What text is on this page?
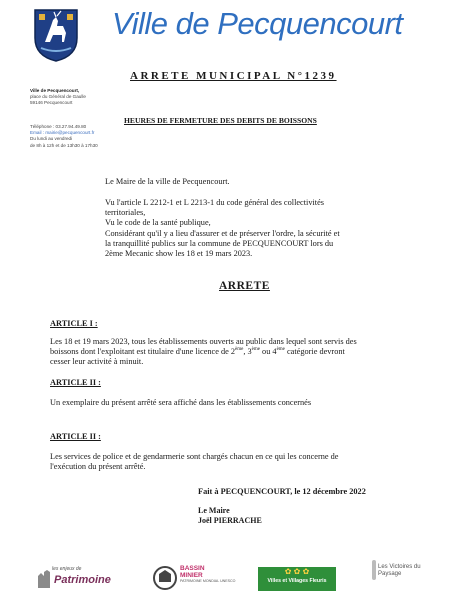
Ville de Pecquencourt
ARRETE MUNICIPAL N°1239
Ville de Pecquencourt,
place du Général de Gaulle
59146 Pecquencourt
Téléphone : 03.27.94.49.80
Email : mairie@pecquencourt.fr
Du lundi au vendredi
de 8h à 12h et de 13h30 à 17h30
HEURES DE FERMETURE DES DEBITS DE BOISSONS
Le Maire de la ville de Pecquencourt.
Vu l'article L 2212-1 et L 2213-1 du code général des collectivités
territoriales,
Vu le code de la santé publique,
Considérant qu'il y a lieu d'assurer et de préserver l'ordre, la sécurité et
la tranquillité publics sur la commune de PECQUENCOURT lors du
2ème Mecanic show les 18 et 19 mars 2023.
ARRETE
ARTICLE I :
Les 18 et 19 mars 2023, tous les établissements ouverts au public dans lequel sont servis des
boissons dont l'exploitant est titulaire d'une licence de 2ème, 3ème ou 4ème catégorie devront
cesser leur activité à minuit.
ARTICLE II :
Un exemplaire du présent arrêté sera affiché dans les établissements concernés
ARTICLE II :
Les services de police et de gendarmerie sont chargés chacun en ce qui les concerne de
l'exécution du présent arrêté.
Fait à PECQUENCOURT, le 12 décembre 2022
Le Maire
Joël PIERRACHE
les enjeux de
Patrimoine
BASSIN
MINIER
PATRIMOINE MONDIAL UNESCO
✿ ✿ ✿
Villes et Villages Fleuris
Les Victoires du Paysage
